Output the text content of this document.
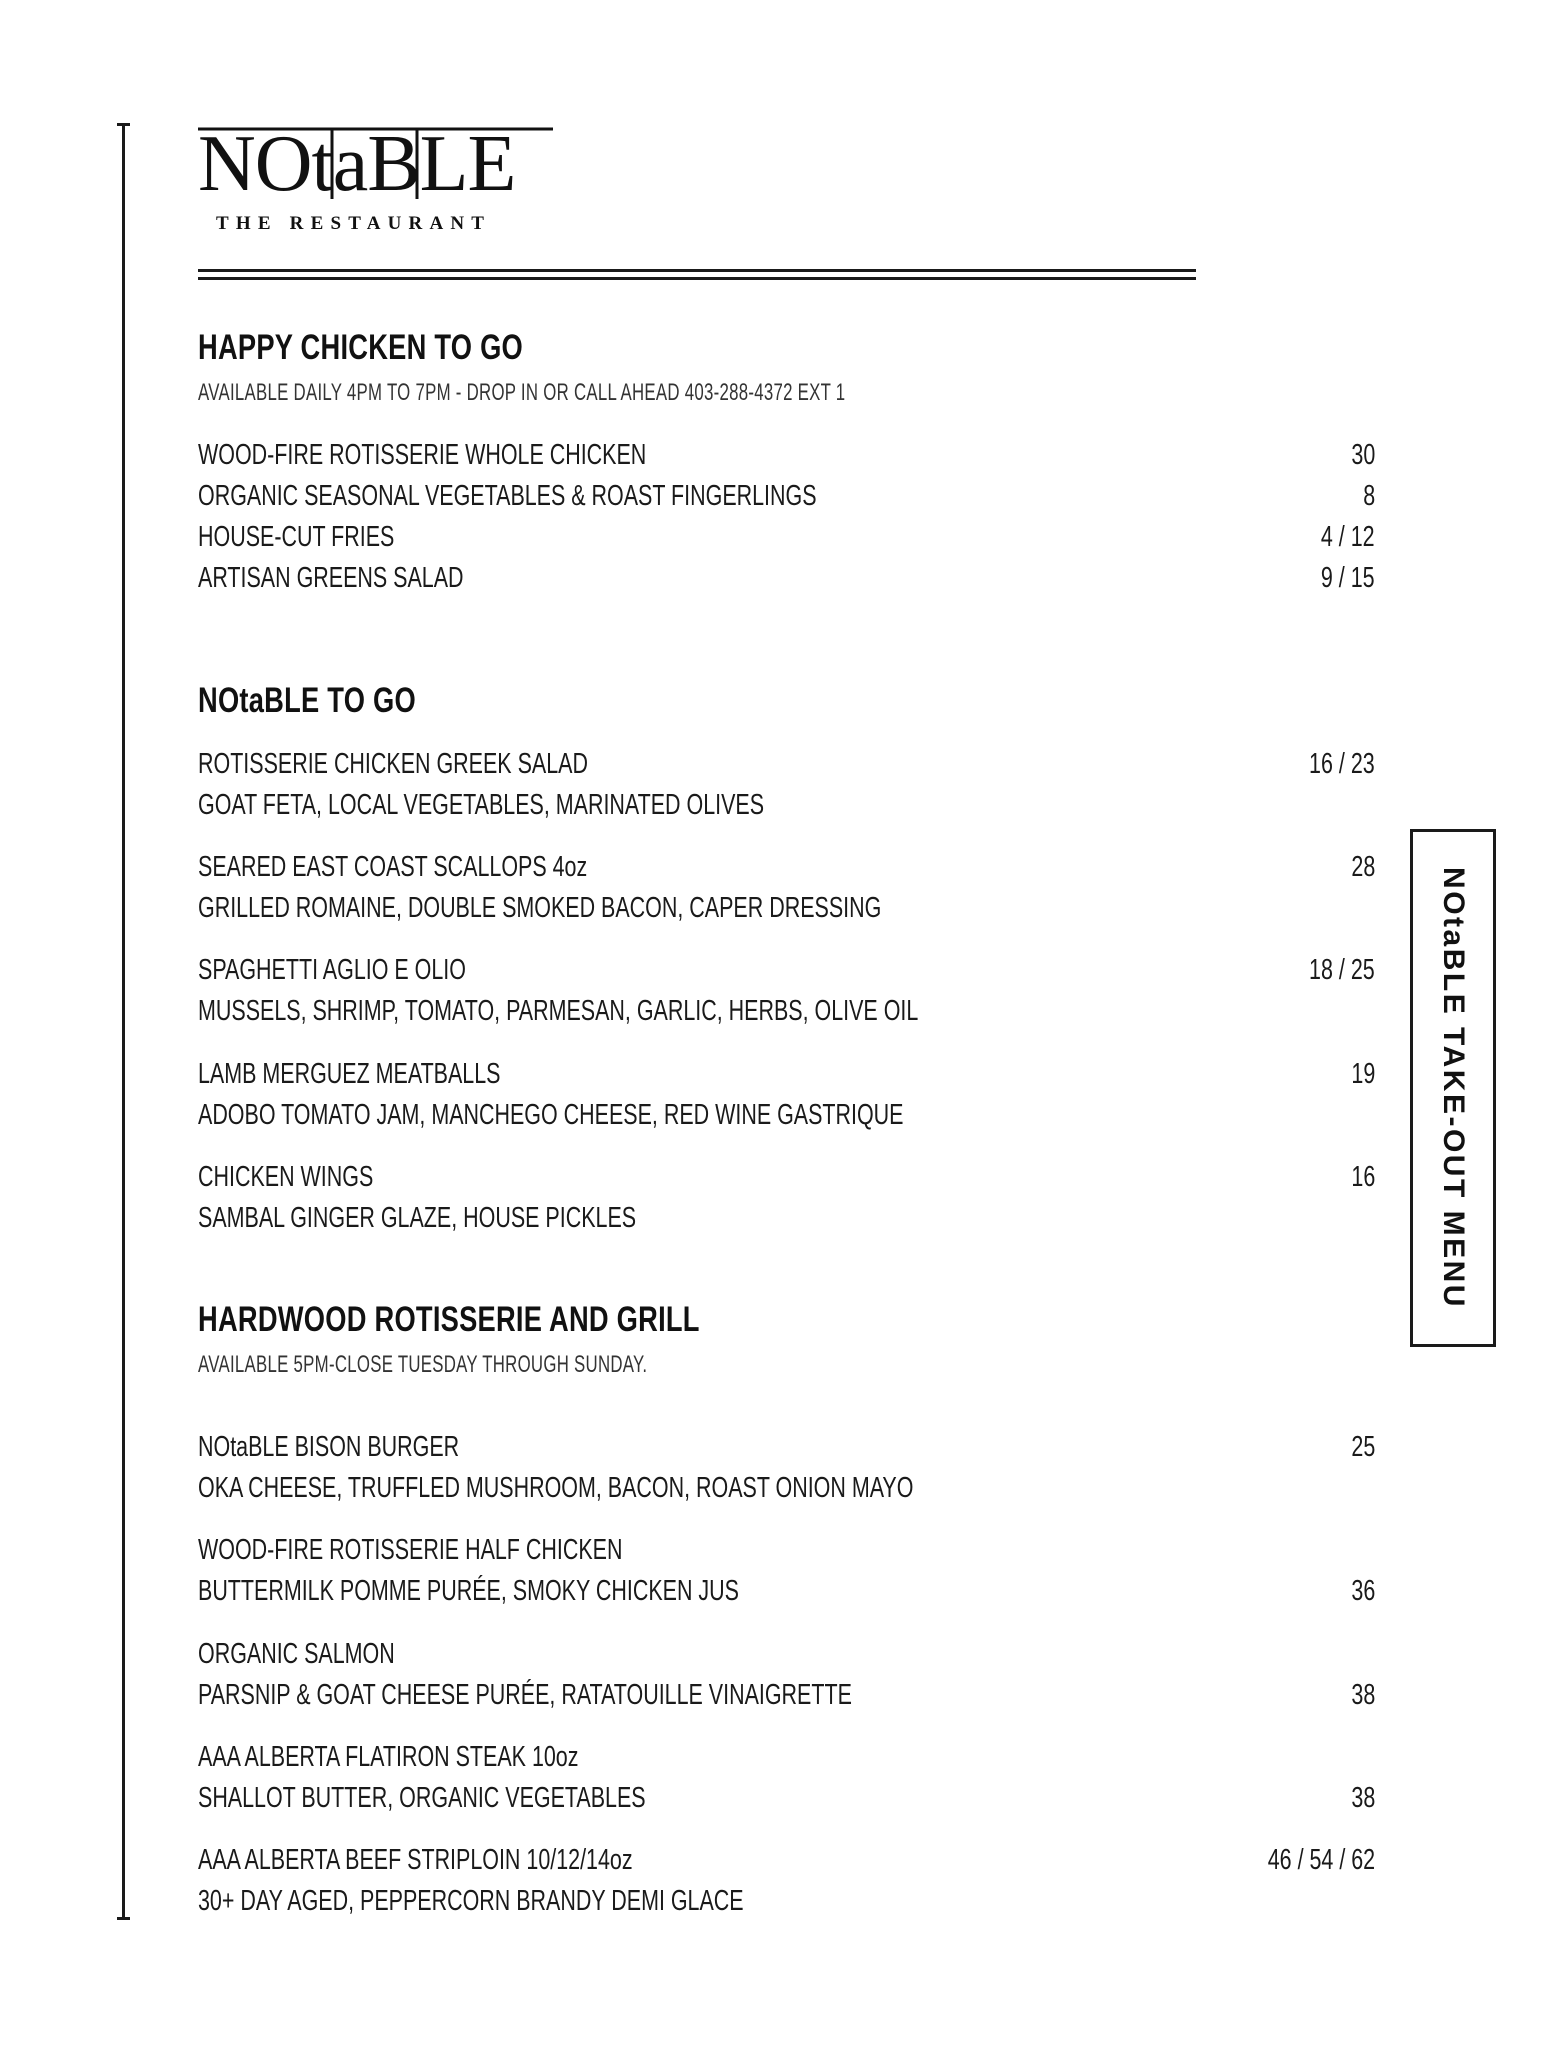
NOtaBLE
THE RESTAURANT
HAPPY CHICKEN TO GO
AVAILABLE DAILY 4PM TO 7PM - DROP IN OR CALL AHEAD 403-288-4372 EXT 1
WOOD-FIRE ROTISSERIE WHOLE CHICKEN	30
ORGANIC SEASONAL VEGETABLES & ROAST FINGERLINGS	8
HOUSE-CUT FRIES	4 / 12
ARTISAN GREENS SALAD	9 / 15
NOtaBLE TO GO
ROTISSERIE CHICKEN GREEK SALAD	16 / 23
GOAT FETA, LOCAL VEGETABLES, MARINATED OLIVES
SEARED EAST COAST SCALLOPS 4oz	28
GRILLED ROMAINE, DOUBLE SMOKED BACON, CAPER DRESSING
SPAGHETTI AGLIO E OLIO	18 / 25
MUSSELS, SHRIMP, TOMATO, PARMESAN, GARLIC, HERBS, OLIVE OIL
LAMB MERGUEZ MEATBALLS	19
ADOBO TOMATO JAM, MANCHEGO CHEESE, RED WINE GASTRIQUE
CHICKEN WINGS	16
SAMBAL GINGER GLAZE, HOUSE PICKLES
HARDWOOD ROTISSERIE AND GRILL
AVAILABLE 5PM-CLOSE TUESDAY THROUGH SUNDAY.
NOtaBLE BISON BURGER	25
OKA CHEESE, TRUFFLED MUSHROOM, BACON, ROAST ONION MAYO
WOOD-FIRE ROTISSERIE HALF CHICKEN
BUTTERMILK POMME PURÉE, SMOKY CHICKEN JUS	36
ORGANIC SALMON
PARSNIP & GOAT CHEESE PURÉE, RATATOUILLE VINAIGRETTE	38
AAA ALBERTA FLATIRON STEAK 10oz
SHALLOT BUTTER, ORGANIC VEGETABLES	38
AAA ALBERTA BEEF STRIPLOIN 10/12/14oz	46 / 54 / 62
30+ DAY AGED, PEPPERCORN BRANDY DEMI GLACE
NOtaBLE TAKE-OUT MENU
